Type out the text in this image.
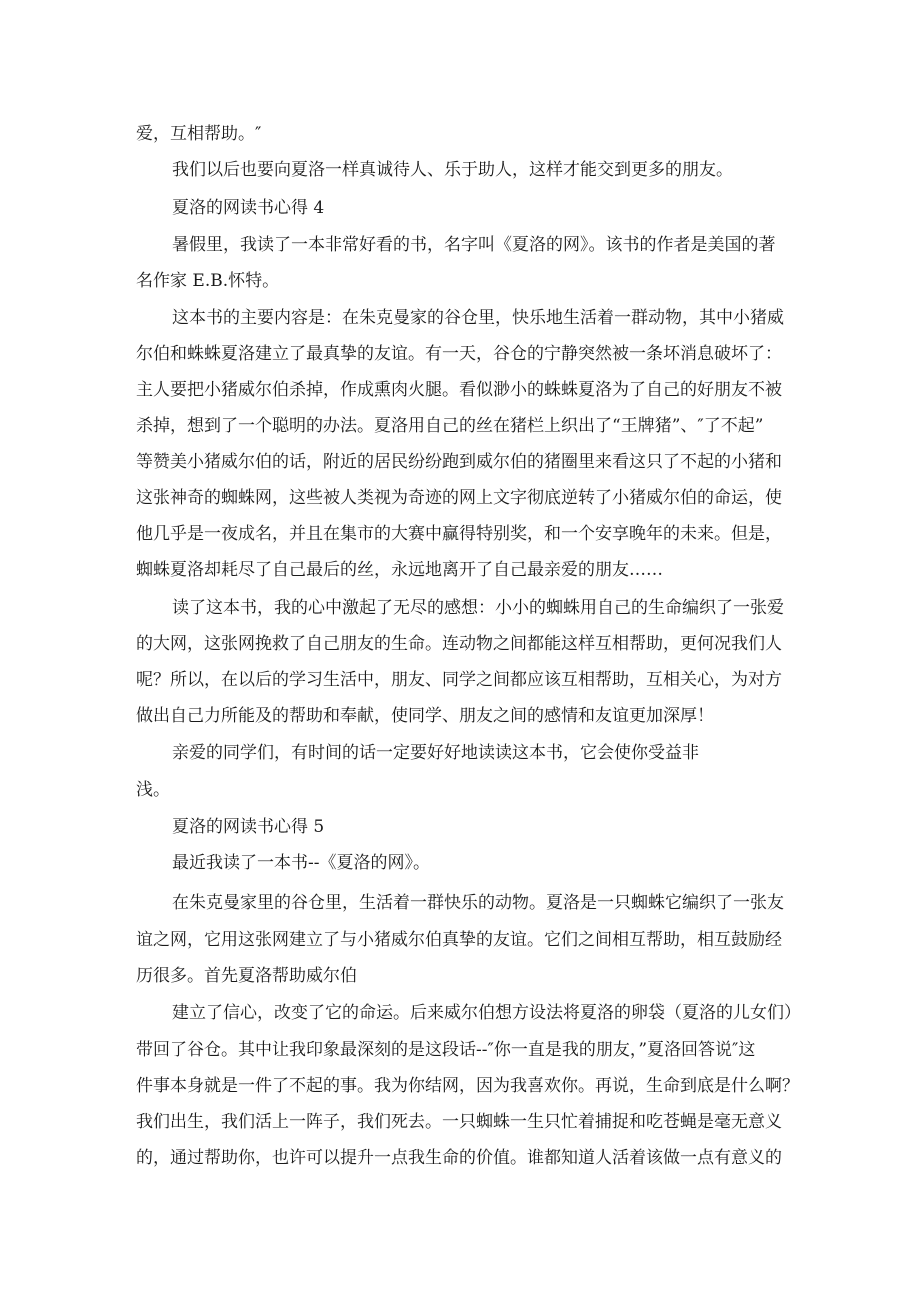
爱，互相帮助。″
我们以后也要向夏洛一样真诚待人、乐于助人，这样才能交到更多的朋友。
夏洛的网读书心得 4
暑假里，我读了一本非常好看的书，名字叫《夏洛的网》。该书的作者是美国的著
名作家 E.B.怀特。
这本书的主要内容是：在朱克曼家的谷仓里，快乐地生活着一群动物，其中小猪威
尔伯和蛛蛛夏洛建立了最真挚的友谊。有一天，谷仓的宁静突然被一条坏消息破坏了：
主人要把小猪威尔伯杀掉，作成熏肉火腿。看似渺小的蛛蛛夏洛为了自己的好朋友不被
杀掉，想到了一个聪明的办法。夏洛用自己的丝在猪栏上织出了“王牌猪”、″了不起”
等赞美小猪威尔伯的话，附近的居民纷纷跑到威尔伯的猪圈里来看这只了不起的小猪和
这张神奇的蜘蛛网，这些被人类视为奇迹的网上文字彻底逆转了小猪威尔伯的命运，使
他几乎是一夜成名，并且在集市的大赛中赢得特别奖，和一个安享晚年的未来。但是，
蜘蛛夏洛却耗尽了自己最后的丝，永远地离开了自己最亲爱的朋友……
读了这本书，我的心中激起了无尽的感想：小小的蜘蛛用自己的生命编织了一张爱
的大网，这张网挽救了自己朋友的生命。连动物之间都能这样互相帮助，更何况我们人
呢？所以，在以后的学习生活中，朋友、同学之间都应该互相帮助，互相关心，为对方
做出自己力所能及的帮助和奉献，使同学、朋友之间的感情和友谊更加深厚！
亲爱的同学们，有时间的话一定要好好地读读这本书，它会使你受益非
浅。
夏洛的网读书心得 5
最近我读了一本书--《夏洛的网》。
在朱克曼家里的谷仓里，生活着一群快乐的动物。夏洛是一只蜘蛛它编织了一张友
谊之网，它用这张网建立了与小猪威尔伯真挚的友谊。它们之间相互帮助，相互鼓励经
历很多。首先夏洛帮助威尔伯
建立了信心，改变了它的命运。后来威尔伯想方设法将夏洛的卵袋（夏洛的儿女们）
带回了谷仓。其中让我印象最深刻的是这段话--″你一直是我的朋友，”夏洛回答说″这
件事本身就是一件了不起的事。我为你结网，因为我喜欢你。再说，生命到底是什么啊？
我们出生，我们活上一阵子，我们死去。一只蜘蛛一生只忙着捕捉和吃苍蝇是毫无意义
的，通过帮助你，也许可以提升一点我生命的价值。谁都知道人活着该做一点有意义的
